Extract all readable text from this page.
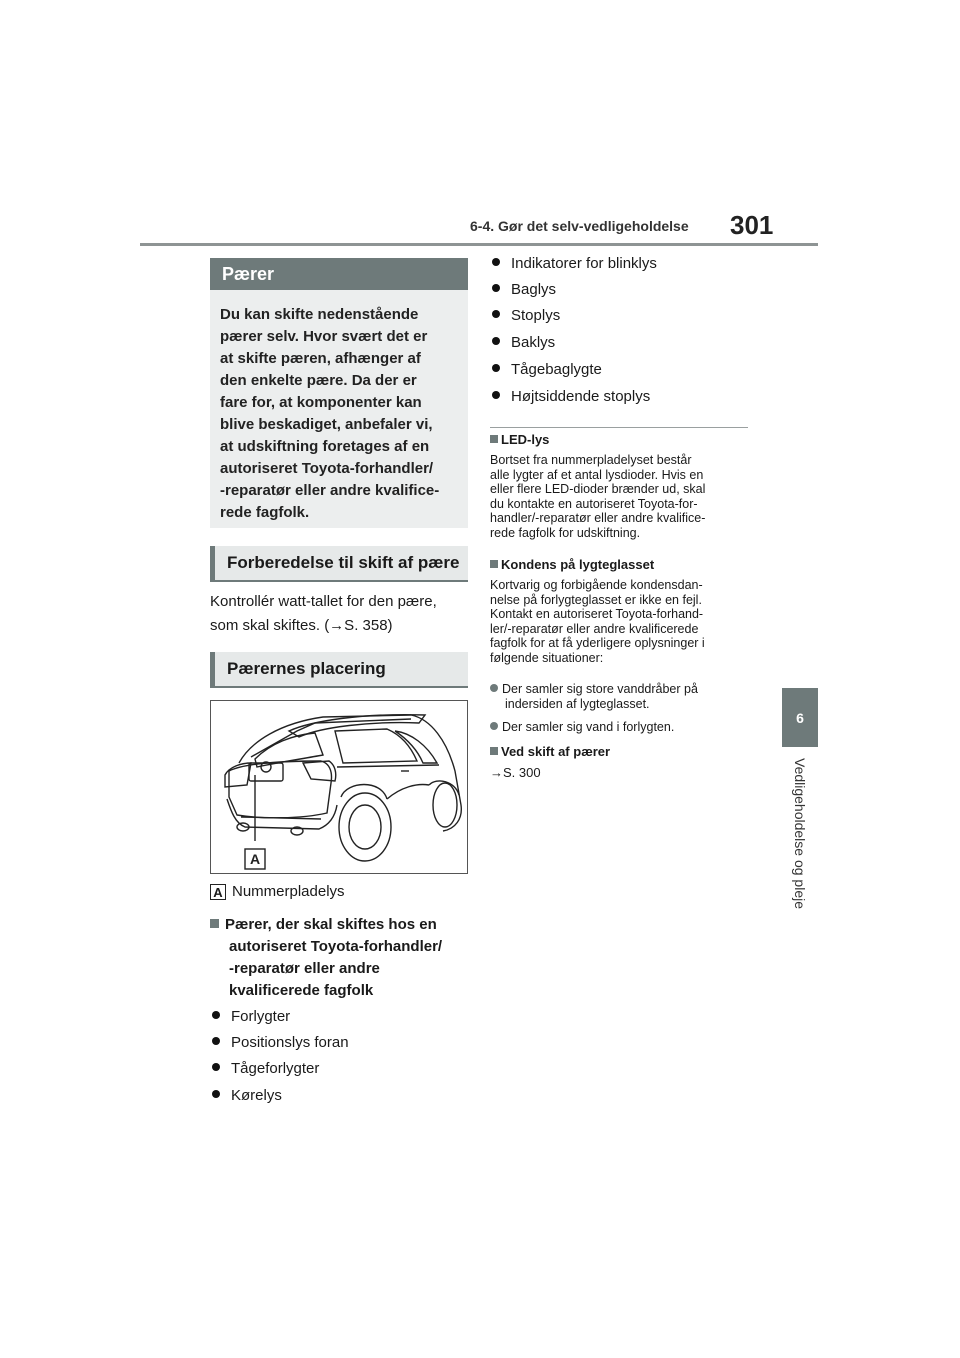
6-4. Gør det selv-vedligeholdelse 301
6
Vedligeholdelse og pleje
Pærer
Du kan skifte nedenstående
pærer selv. Hvor svært det er
at skifte pæren, afhænger af
den enkelte pære. Da der er
fare for, at komponenter kan
blive beskadiget, anbefaler vi,
at udskiftning foretages af en
autoriseret Toyota-forhandler/
-reparatør eller andre kvalifice-
rede fagfolk.
Forberedelse til skift af pære
Kontrollér watt-tallet for den pære,
som skal skiftes. (→S. 358)
Pærernes placering
A
A Nummerpladelys
Pærer, der skal skiftes hos en
autoriseret Toyota-forhandler/
-reparatør eller andre
kvalificerede fagfolk
Forlygter
Positionslys foran
Tågeforlygter
Kørelys
Indikatorer for blinklys
Baglys
Stoplys
Baklys
Tågebaglygte
Højtsiddende stoplys
LED-lys
Bortset fra nummerpladelyset består
alle lygter af et antal lysdioder. Hvis en
eller flere LED-dioder brænder ud, skal
du kontakte en autoriseret Toyota-for-
handler/-reparatør eller andre kvalifice-
rede fagfolk for udskiftning.
Kondens på lygteglasset
Kortvarig og forbigående kondensdan-
nelse på forlygteglasset er ikke en fejl.
Kontakt en autoriseret Toyota-forhand-
ler/-reparatør eller andre kvalificerede
fagfolk for at få yderligere oplysninger i
følgende situationer:
Der samler sig store vanddråber på
indersiden af lygteglasset.
Der samler sig vand i forlygten.
Ved skift af pærer
→S. 300
